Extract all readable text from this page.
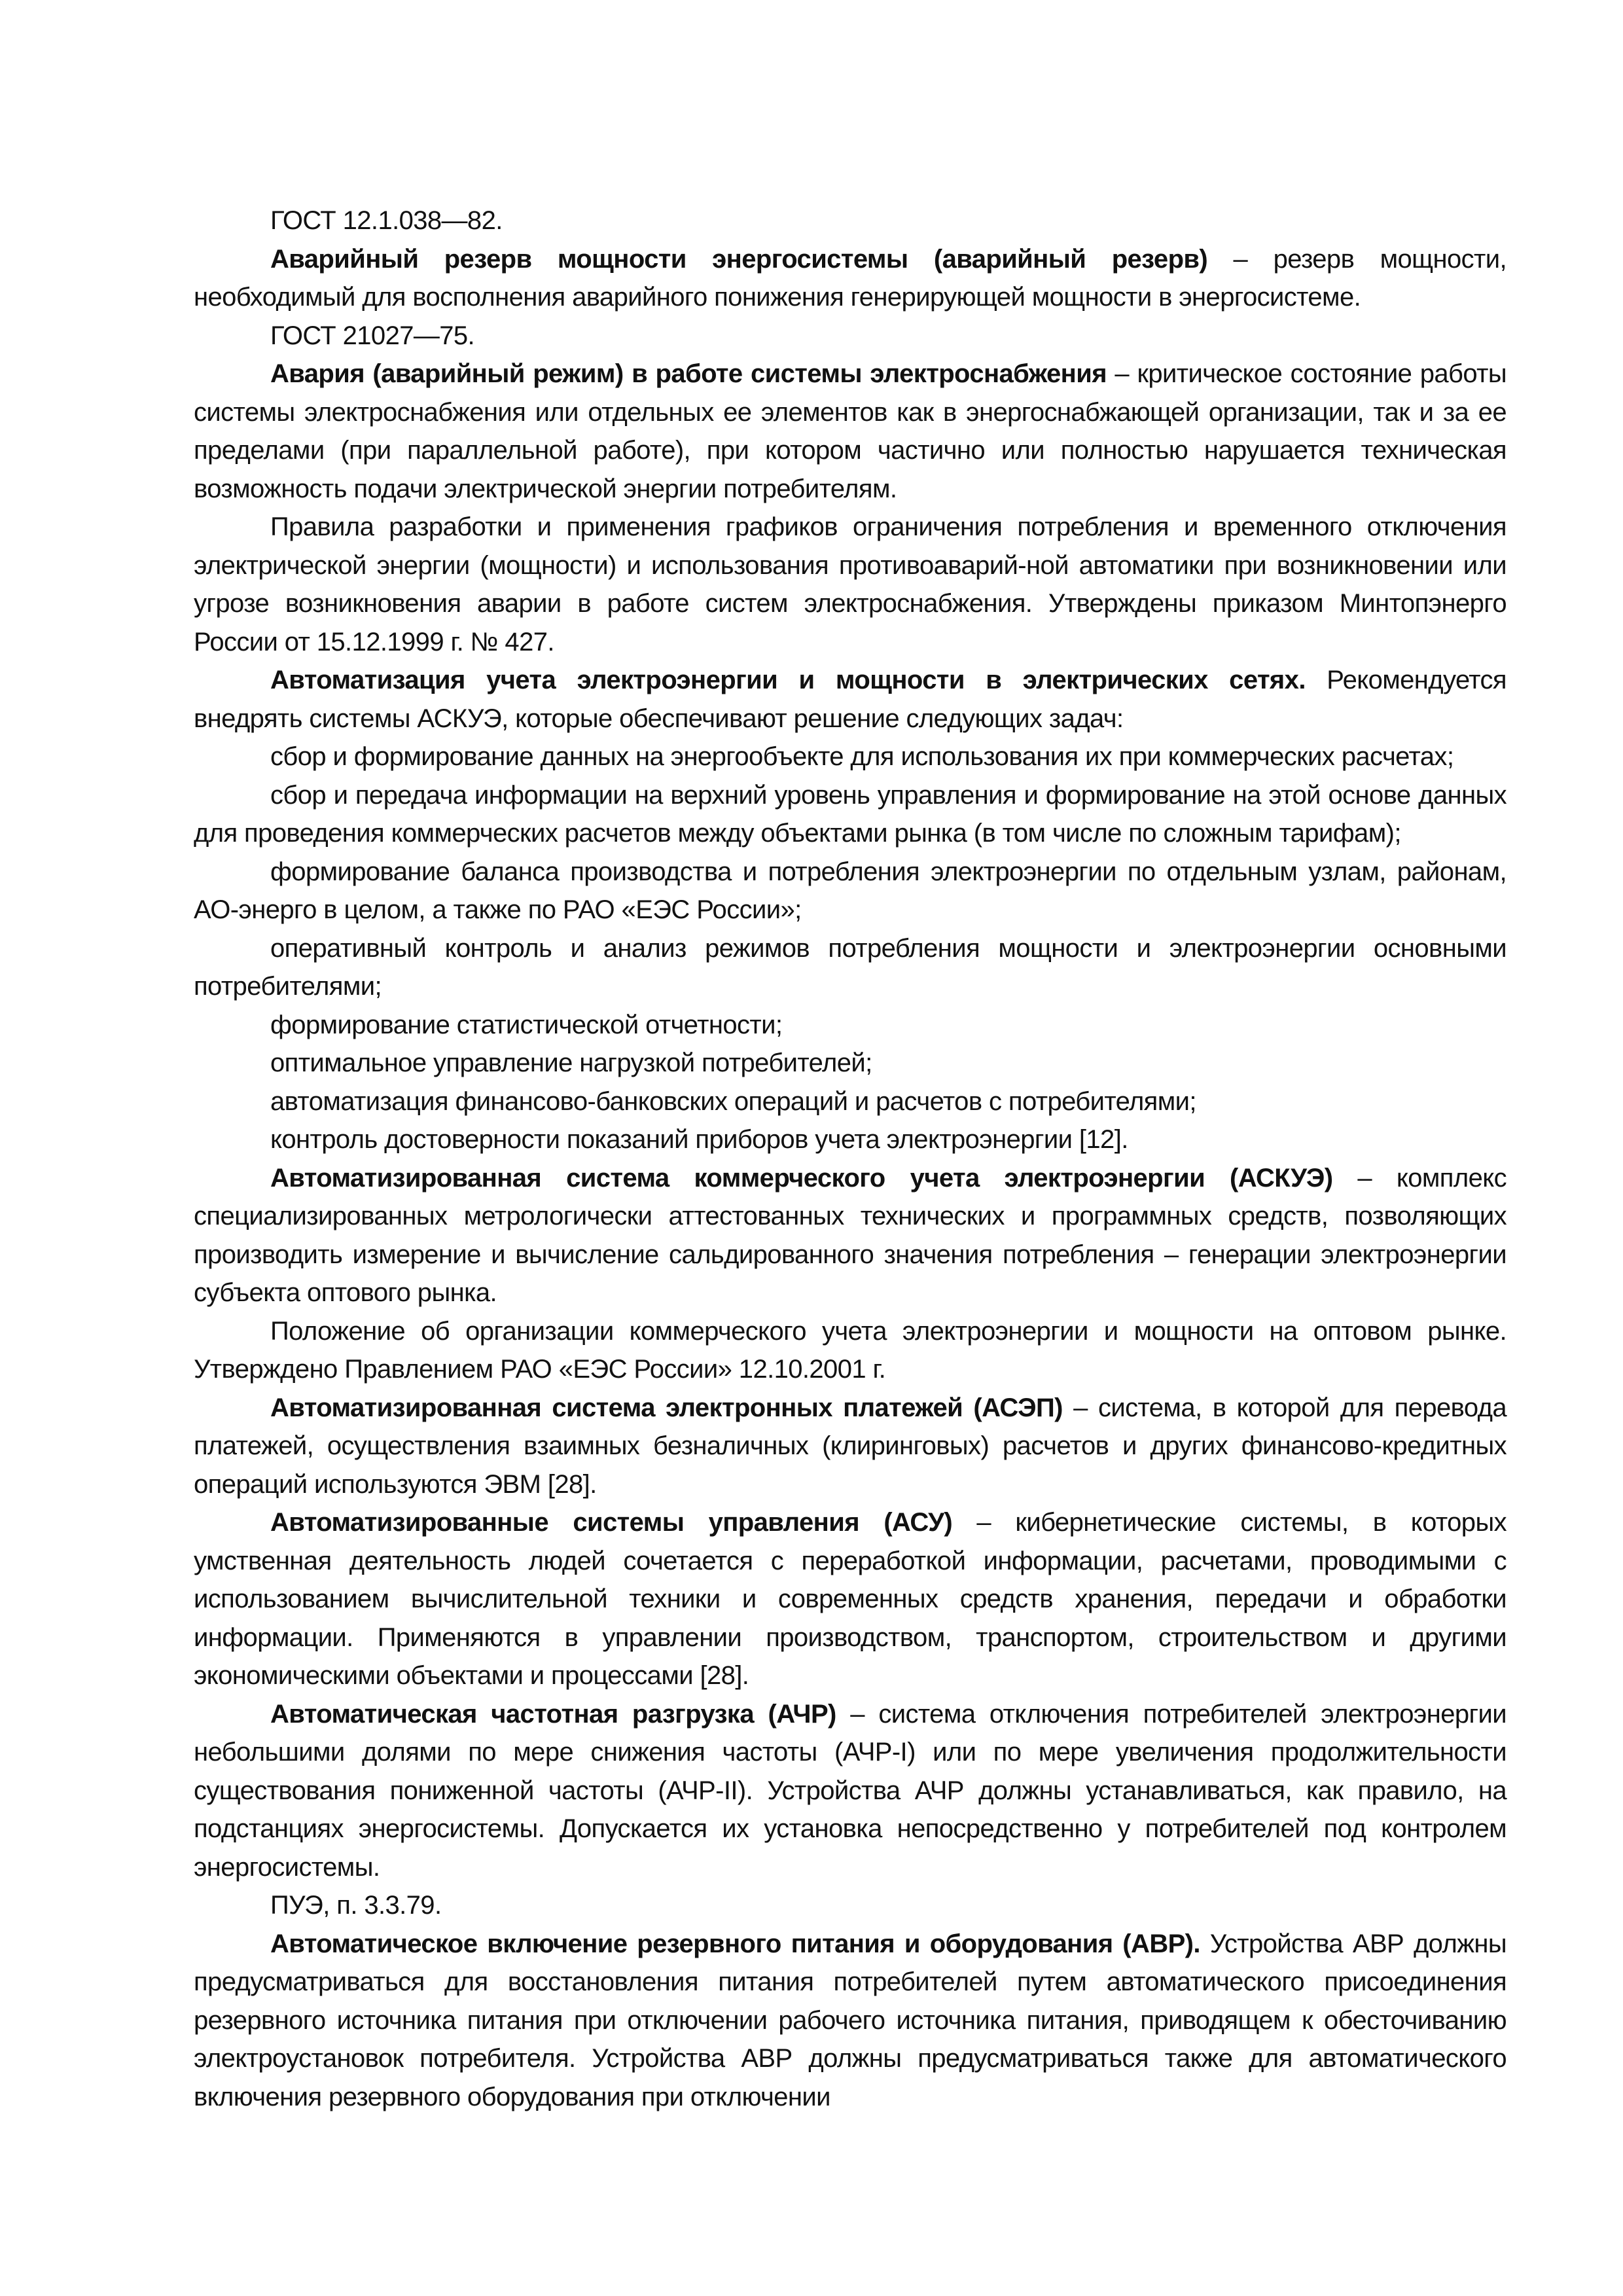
ГОСТ 12.1.038—82.

Аварийный резерв мощности энергосистемы (аварийный резерв) – резерв мощности, необходимый для восполнения аварийного понижения генерирующей мощности в энергосистеме.

ГОСТ 21027—75.

Авария (аварийный режим) в работе системы электроснабжения – критическое состояние работы системы электроснабжения или отдельных ее элементов как в энергоснабжающей организации, так и за ее пределами (при параллельной работе), при котором частично или полностью нарушается техническая возможность подачи электрической энергии потребителям.

Правила разработки и применения графиков ограничения потребления и временного отключения электрической энергии (мощности) и использования противоаварий-ной автоматики при возникновении или угрозе возникновения аварии в работе систем электроснабжения. Утверждены приказом Минтопэнерго России от 15.12.1999 г. № 427.

Автоматизация учета электроэнергии и мощности в электрических сетях. Рекомендуется внедрять системы АСКУЭ, которые обеспечивают решение следующих задач:

сбор и формирование данных на энергообъекте для использования их при коммерческих расчетах;

сбор и передача информации на верхний уровень управления и формирование на этой основе данных для проведения коммерческих расчетов между объектами рынка (в том числе по сложным тарифам);

формирование баланса производства и потребления электроэнергии по отдельным узлам, районам, АО-энерго в целом, а также по РАО «ЕЭС России»;

оперативный контроль и анализ режимов потребления мощности и электроэнергии основными потребителями;

формирование статистической отчетности;

оптимальное управление нагрузкой потребителей;

автоматизация финансово-банковских операций и расчетов с потребителями;

контроль достоверности показаний приборов учета электроэнергии [12].

Автоматизированная система коммерческого учета электроэнергии (АСКУЭ) – комплекс специализированных метрологически аттестованных технических и программных средств, позволяющих производить измерение и вычисление сальдированного значения потребления – генерации электроэнергии субъекта оптового рынка.

Положение об организации коммерческого учета электроэнергии и мощности на оптовом рынке. Утверждено Правлением РАО «ЕЭС России» 12.10.2001 г.

Автоматизированная система электронных платежей (АСЭП) – система, в которой для перевода платежей, осуществления взаимных безналичных (клиринговых) расчетов и других финансово-кредитных операций используются ЭВМ [28].

Автоматизированные системы управления (АСУ) – кибернетические системы, в которых умственная деятельность людей сочетается с переработкой информации, расчетами, проводимыми с использованием вычислительной техники и современных средств хранения, передачи и обработки информации. Применяются в управлении производством, транспортом, строительством и другими экономическими объектами и процессами [28].

Автоматическая частотная разгрузка (АЧР) – система отключения потребителей электроэнергии небольшими долями по мере снижения частоты (АЧР-I) или по мере увеличения продолжительности существования пониженной частоты (АЧР-II). Устройства АЧР должны устанавливаться, как правило, на подстанциях энергосистемы. Допускается их установка непосредственно у потребителей под контролем энергосистемы.

ПУЭ, п. 3.3.79.

Автоматическое включение резервного питания и оборудования (АВР). Устройства АВР должны предусматриваться для восстановления питания потребителей путем автоматического присоединения резервного источника питания при отключении рабочего источника питания, приводящем к обесточиванию электроустановок потребителя. Устройства АВР должны предусматриваться также для автоматического включения резервного оборудования при отключении
